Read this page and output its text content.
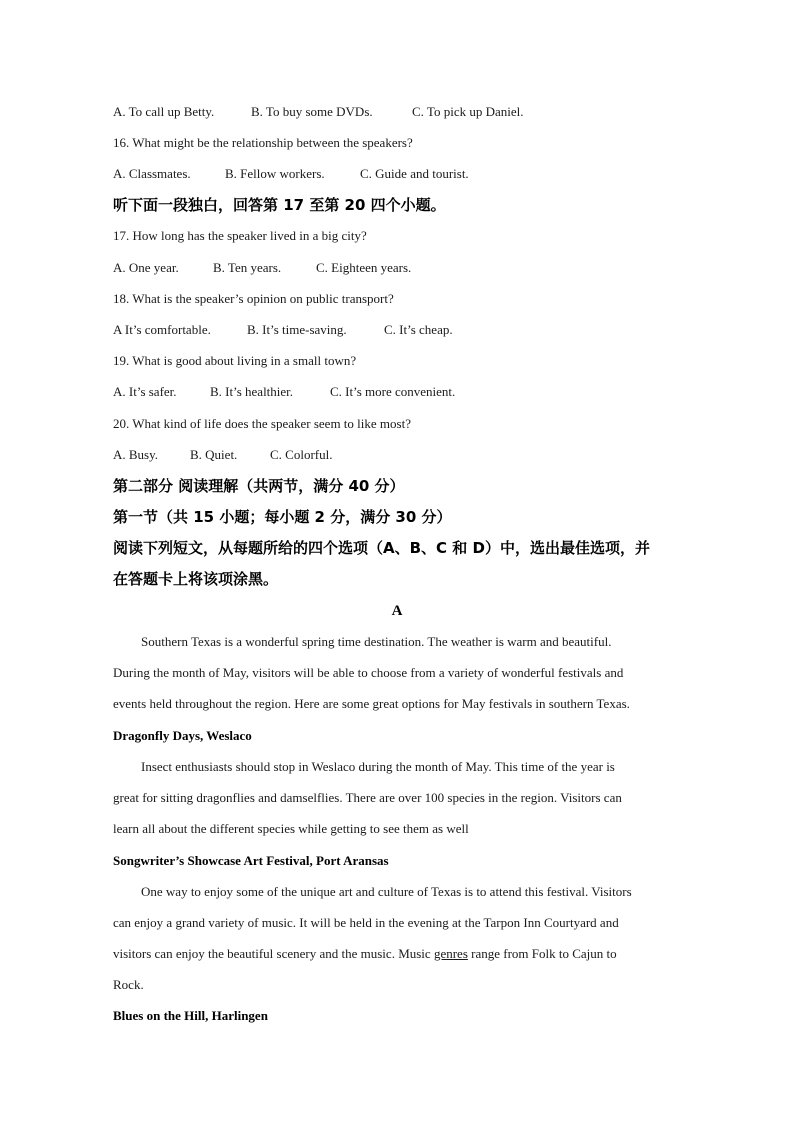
A. To call up Betty.	B. To buy some DVDs.	C. To pick up Daniel.
16. What might be the relationship between the speakers?
A. Classmates.	B. Fellow workers.	C. Guide and tourist.
听下面一段独白，回答第 17 至第 20 四个小题。
17. How long has the speaker lived in a big city?
A. One year.	B. Ten years.	C. Eighteen years.
18. What is the speaker’s opinion on public transport?
A It’s comfortable.	B. It’s time-saving.	C. It’s cheap.
19. What is good about living in a small town?
A. It’s safer.	B. It’s healthier.	C. It’s more convenient.
20. What kind of life does the speaker seem to like most?
A. Busy. B. Quiet.	C. Colorful.
第二部分 阅读理解（共两节，满分 40 分）
第一节（共 15 小题；每小题 2 分，满分 30 分）
阅读下列短文，从每题所给的四个选项（A、B、C 和 D）中，选出最佳选项，并
在答题卡上将该项涂黑。
A
Southern Texas is a wonderful spring time destination. The weather is warm and beautiful.
During the month of May, visitors will be able to choose from a variety of wonderful festivals and
events held throughout the region. Here are some great options for May festivals in southern Texas.
Dragonfly Days, Weslaco
Insect enthusiasts should stop in Weslaco during the month of May. This time of the year is
great for sitting dragonflies and damselflies. There are over 100 species in the region. Visitors can
learn all about the different species while getting to see them as well
Songwriter’s Showcase Art Festival, Port Aransas
One way to enjoy some of the unique art and culture of Texas is to attend this festival. Visitors
can enjoy a grand variety of music. It will be held in the evening at the Tarpon Inn Courtyard and
visitors can enjoy the beautiful scenery and the music. Music genres range from Folk to Cajun to
Rock.
Blues on the Hill, Harlingen
